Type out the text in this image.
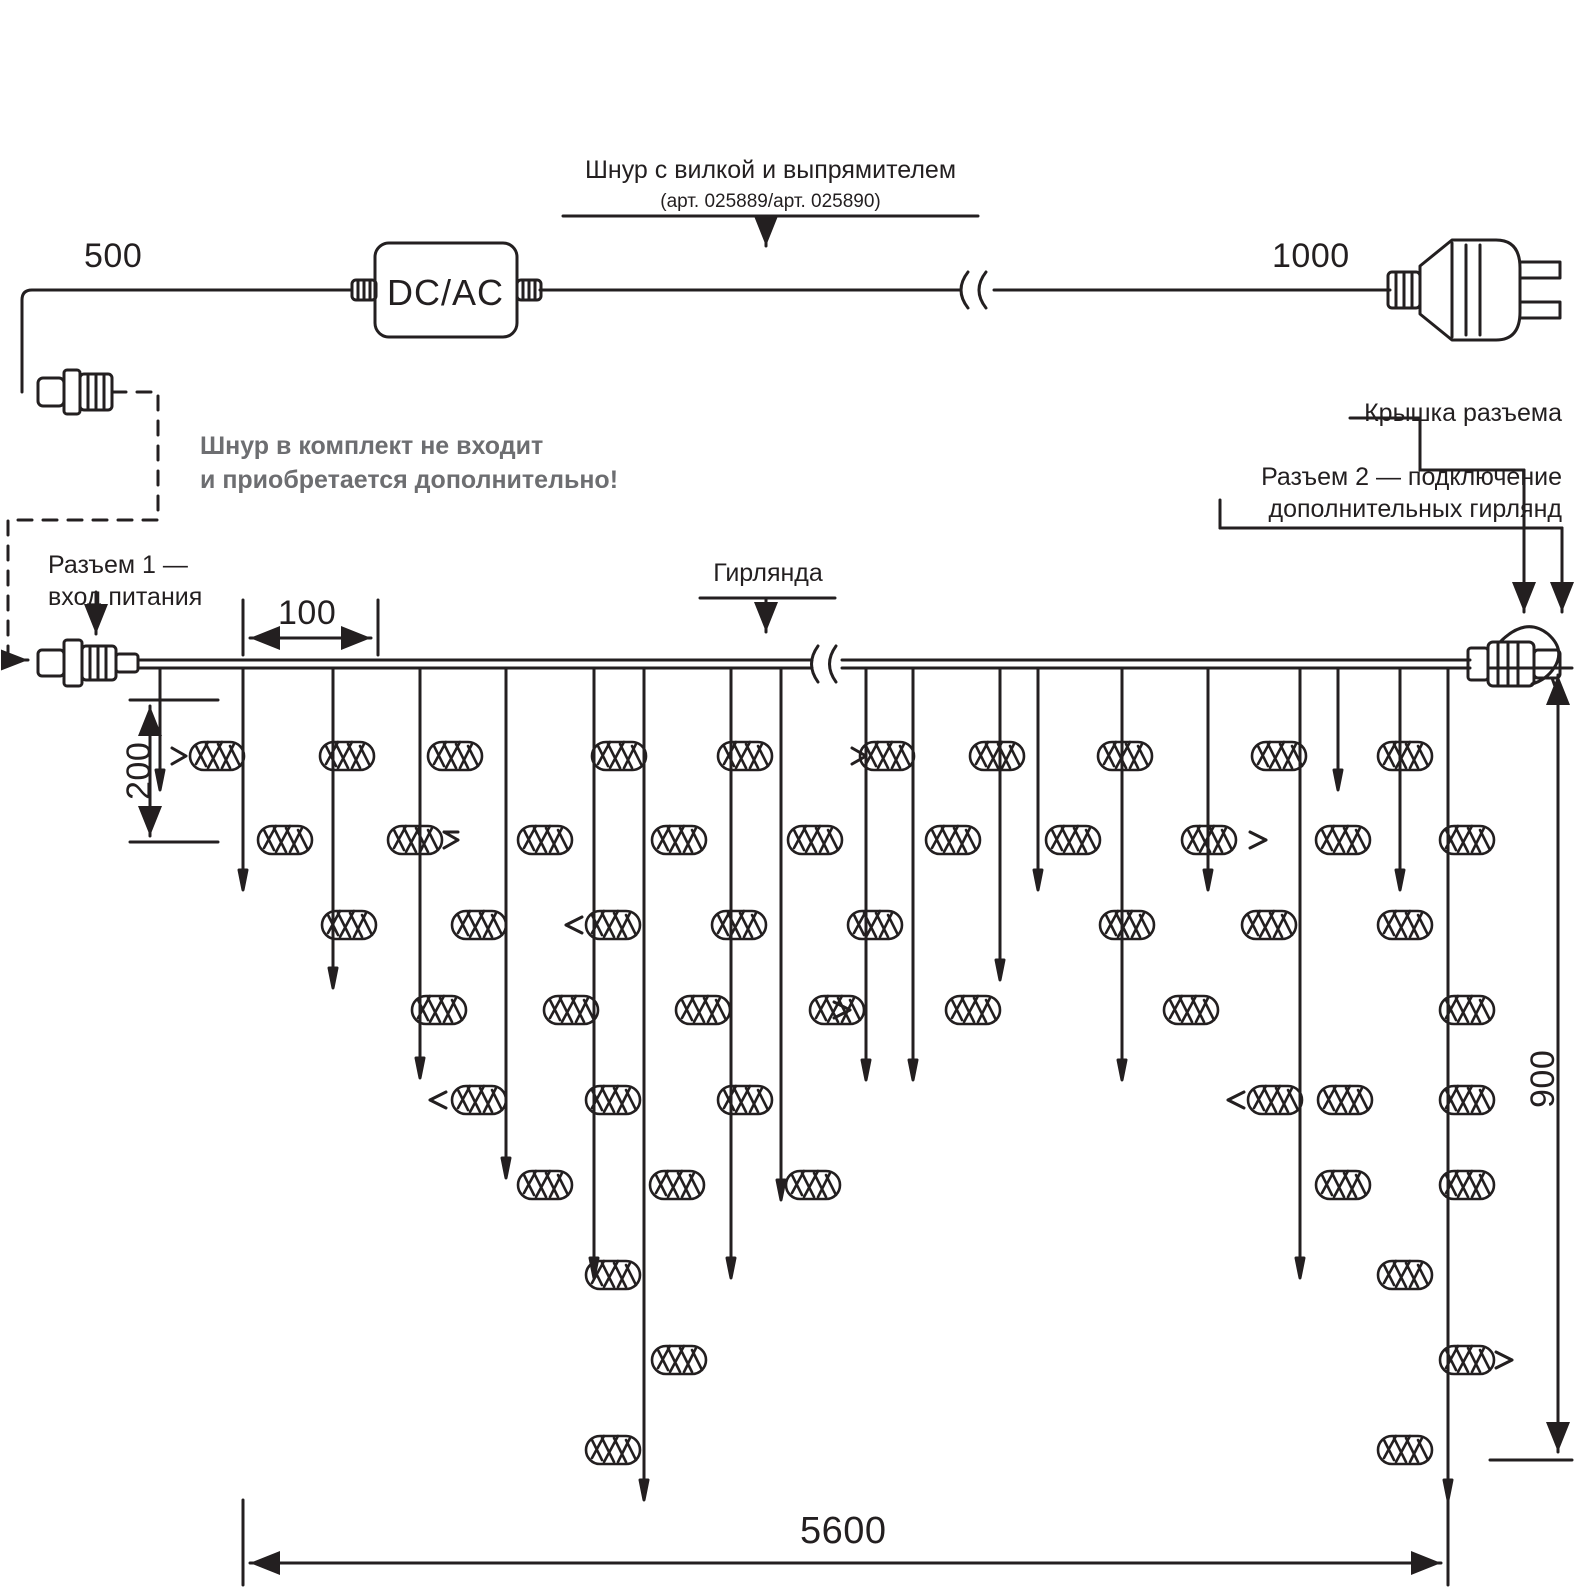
Шнур с вилкой и выпрямителем
(арт. 025889/арт. 025890)
DC/AC
500	1000
Шнур в комплект не входит
и приобретается дополнительно!
Разъем 1 —
вход питания
Гирлянда
Крышка разъема
Разъем 2 — подключение
дополнительных гирлянд
100
200
900
5600
